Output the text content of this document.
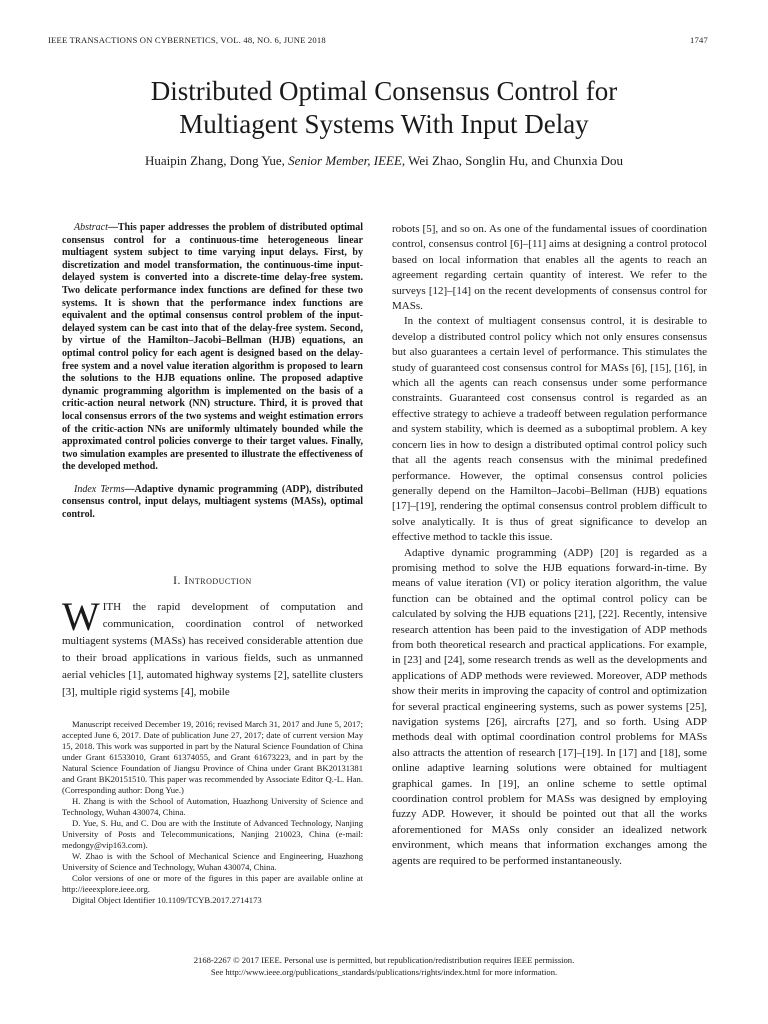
IEEE TRANSACTIONS ON CYBERNETICS, VOL. 48, NO. 6, JUNE 2018	1747
Distributed Optimal Consensus Control for
Multiagent Systems With Input Delay
Huaipin Zhang, Dong Yue, Senior Member, IEEE, Wei Zhao, Songlin Hu, and Chunxia Dou

Abstract—This paper addresses the problem of distributed optimal consensus control for a continuous-time heterogeneous linear multiagent system subject to time varying input delays. First, by discretization and model transformation, the continuous-time input-delayed system is converted into a discrete-time delay-free system. Two delicate performance index functions are defined for these two systems. It is shown that the performance index functions are equivalent and the optimal consensus control problem of the input-delayed system can be cast into that of the delay-free system. Second, by virtue of the Hamilton–Jacobi–Bellman (HJB) equations, an optimal control policy for each agent is designed based on the delay-free system and a novel value iteration algorithm is proposed to learn the solutions to the HJB equations online. The proposed adaptive dynamic programming algorithm is implemented on the basis of a critic-action neural network (NN) structure. Third, it is proved that local consensus errors of the two systems and weight estimation errors of the critic-action NNs are uniformly ultimately bounded while the approximated control policies converge to their target values. Finally, two simulation examples are presented to illustrate the effectiveness of the developed method.

Index Terms—Adaptive dynamic programming (ADP), distributed consensus control, input delays, multiagent systems (MASs), optimal control.

I. Introduction

WITH the rapid development of computation and communication, coordination control of networked multiagent systems (MASs) has received considerable attention due to their broad applications in various fields, such as unmanned aerial vehicles [1], automated highway systems [2], satellite clusters [3], multiple rigid systems [4], mobile

Manuscript received December 19, 2016; revised March 31, 2017 and June 5, 2017; accepted June 6, 2017. Date of publication June 27, 2017; date of current version May 15, 2018. This work was supported in part by the Natural Science Foundation of China under Grant 61533010, Grant 61374055, and Grant 61673223, and in part by the Natural Science Foundation of Jiangsu Province of China under Grant BK20131381 and Grant BK20151510. This paper was recommended by Associate Editor Q.-L. Han. (Corresponding author: Dong Yue.)

H. Zhang is with the School of Automation, Huazhong University of Science and Technology, Wuhan 430074, China.

D. Yue, S. Hu, and C. Dou are with the Institute of Advanced Technology, Nanjing University of Posts and Telecommunications, Nanjing 210023, China (e-mail: medongy@vip163.com).

W. Zhao is with the School of Mechanical Science and Engineering, Huazhong University of Science and Technology, Wuhan 430074, China.

Color versions of one or more of the figures in this paper are available online at http://ieeexplore.ieee.org.

Digital Object Identifier 10.1109/TCYB.2017.2714173

robots [5], and so on. As one of the fundamental issues of coordination control, consensus control [6]–[11] aims at designing a control protocol based on local information that enables all the agents to reach an agreement regarding certain quantity of interest. We refer to the surveys [12]–[14] on the recent developments of consensus control for MASs.

In the context of multiagent consensus control, it is desirable to develop a distributed control policy which not only ensures consensus but also guarantees a certain level of performance. This stimulates the study of guaranteed cost consensus control for MASs [6], [15], [16], in which all the agents can reach consensus under some performance constraints. Guaranteed cost consensus control is regarded as an effective strategy to achieve a tradeoff between regulation performance and system stability, which is deemed as a suboptimal problem. A key concern lies in how to design a distributed optimal control policy such that all the agents reach consensus with the minimal predefined performance. However, the optimal consensus control policies generally depend on the Hamilton–Jacobi–Bellman (HJB) equations [17]–[19], rendering the optimal consensus control problem difficult to solve analytically. It is thus of great significance to develop an effective method to tackle this issue.

Adaptive dynamic programming (ADP) [20] is regarded as a promising method to solve the HJB equations forward-in-time. By means of value iteration (VI) or policy iteration algorithm, the value function can be obtained and the optimal control policy can be calculated by solving the HJB equations [21], [22]. Recently, intensive research attention has been paid to the investigation of ADP methods from both theoretical research and practical applications. For example, in [23] and [24], some research trends as well as the developments and applications of ADP methods were reviewed. Moreover, ADP methods show their merits in improving the capacity of control and optimization for several practical engineering systems, such as power systems [25], navigation systems [26], aircrafts [27], and so forth. Using ADP methods deal with optimal coordination control problems for MASs also attracts the attention of research [17]–[19]. In [17] and [18], some online adaptive learning solutions were obtained for multiagent graphical games. In [19], an online scheme to settle optimal coordination control problem for MASs was designed by employing fuzzy ADP. However, it should be pointed out that all the works aforementioned for MASs only consider an idealized network environment, which means that information exchanges among the agents are required to be performed instantaneously.

2168-2267 © 2017 IEEE. Personal use is permitted, but republication/redistribution requires IEEE permission.
See http://www.ieee.org/publications_standards/publications/rights/index.html for more information.
